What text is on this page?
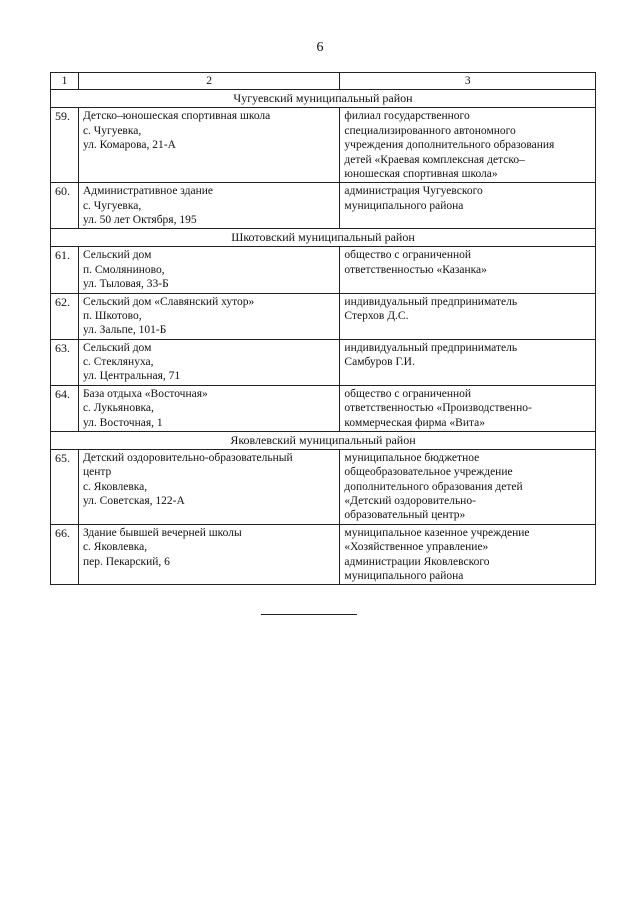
6
1	2	3
Чугуевский муниципальный район		
59.	Детско–юношеская спортивная школа
с. Чугуевка,
ул. Комарова, 21-А	филиал государственного
специализированного автономного
учреждения дополнительного образования
детей «Краевая комплексная детско–
юношеская спортивная школа»

60.	Административное здание
с. Чугуевка,
ул. 50 лет Октября, 195	администрация Чугуевского
муниципального района

Шкотовский муниципальный район		
61.	Сельский дом
п. Смоляниново,
ул. Тыловая, 33-Б	общество с ограниченной
ответственностью «Казанка»

62.	Сельский дом «Славянский хутор»
п. Шкотово,
ул. Зальпе, 101-Б	индивидуальный предприниматель
Стерхов Д.С.

63.	Сельский дом
с. Стеклянуха,
ул. Центральная, 71	индивидуальный предприниматель
Самбуров Г.И.

64.	База отдыха «Восточная»
с. Лукьяновка,
ул. Восточная, 1	общество с ограниченной
ответственностью «Производственно-
коммерческая фирма «Вита»

Яковлевский муниципальный район		
65.	Детский оздоровительно-образовательный
центр
с. Яковлевка,
ул. Советская, 122-А	муниципальное бюджетное
общеобразовательное учреждение
дополнительного образования детей
«Детский оздоровительно-
образовательный центр»

66.	Здание бывшей вечерней школы
с. Яковлевка,
пер. Пекарский, 6	муниципальное казенное учреждение
«Хозяйственное управление»
администрации Яковлевского
муниципального района
